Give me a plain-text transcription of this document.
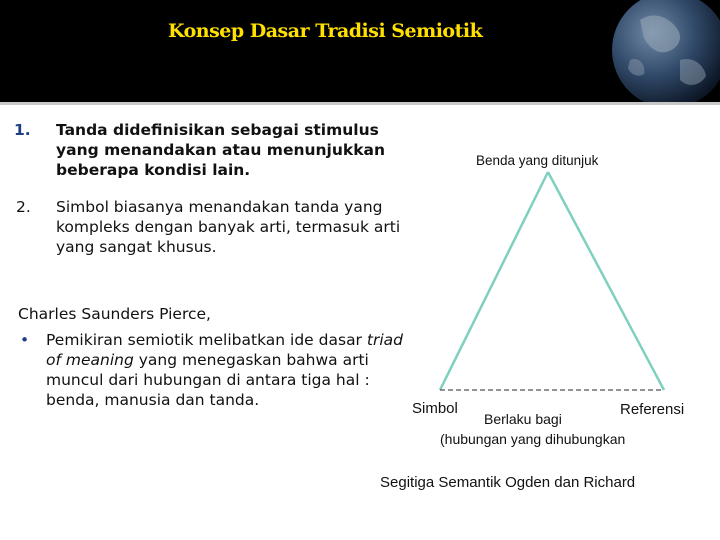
Konsep Dasar Tradisi Semiotik
1. Tanda didefinisikan sebagai stimulus yang menandakan atau menunjukkan beberapa kondisi lain.
2. Simbol biasanya menandakan tanda yang kompleks dengan banyak arti, termasuk arti yang sangat khusus.
Charles Saunders Pierce,
• Pemikiran semiotik melibatkan ide dasar triad of meaning yang menegaskan bahwa arti muncul dari hubungan di antara tiga hal : benda, manusia dan tanda.
Benda yang ditunjuk
Simbol	Referensi
Berlaku bagi
(hubungan yang dihubungkan
Segitiga Semantik Ogden dan Richard
